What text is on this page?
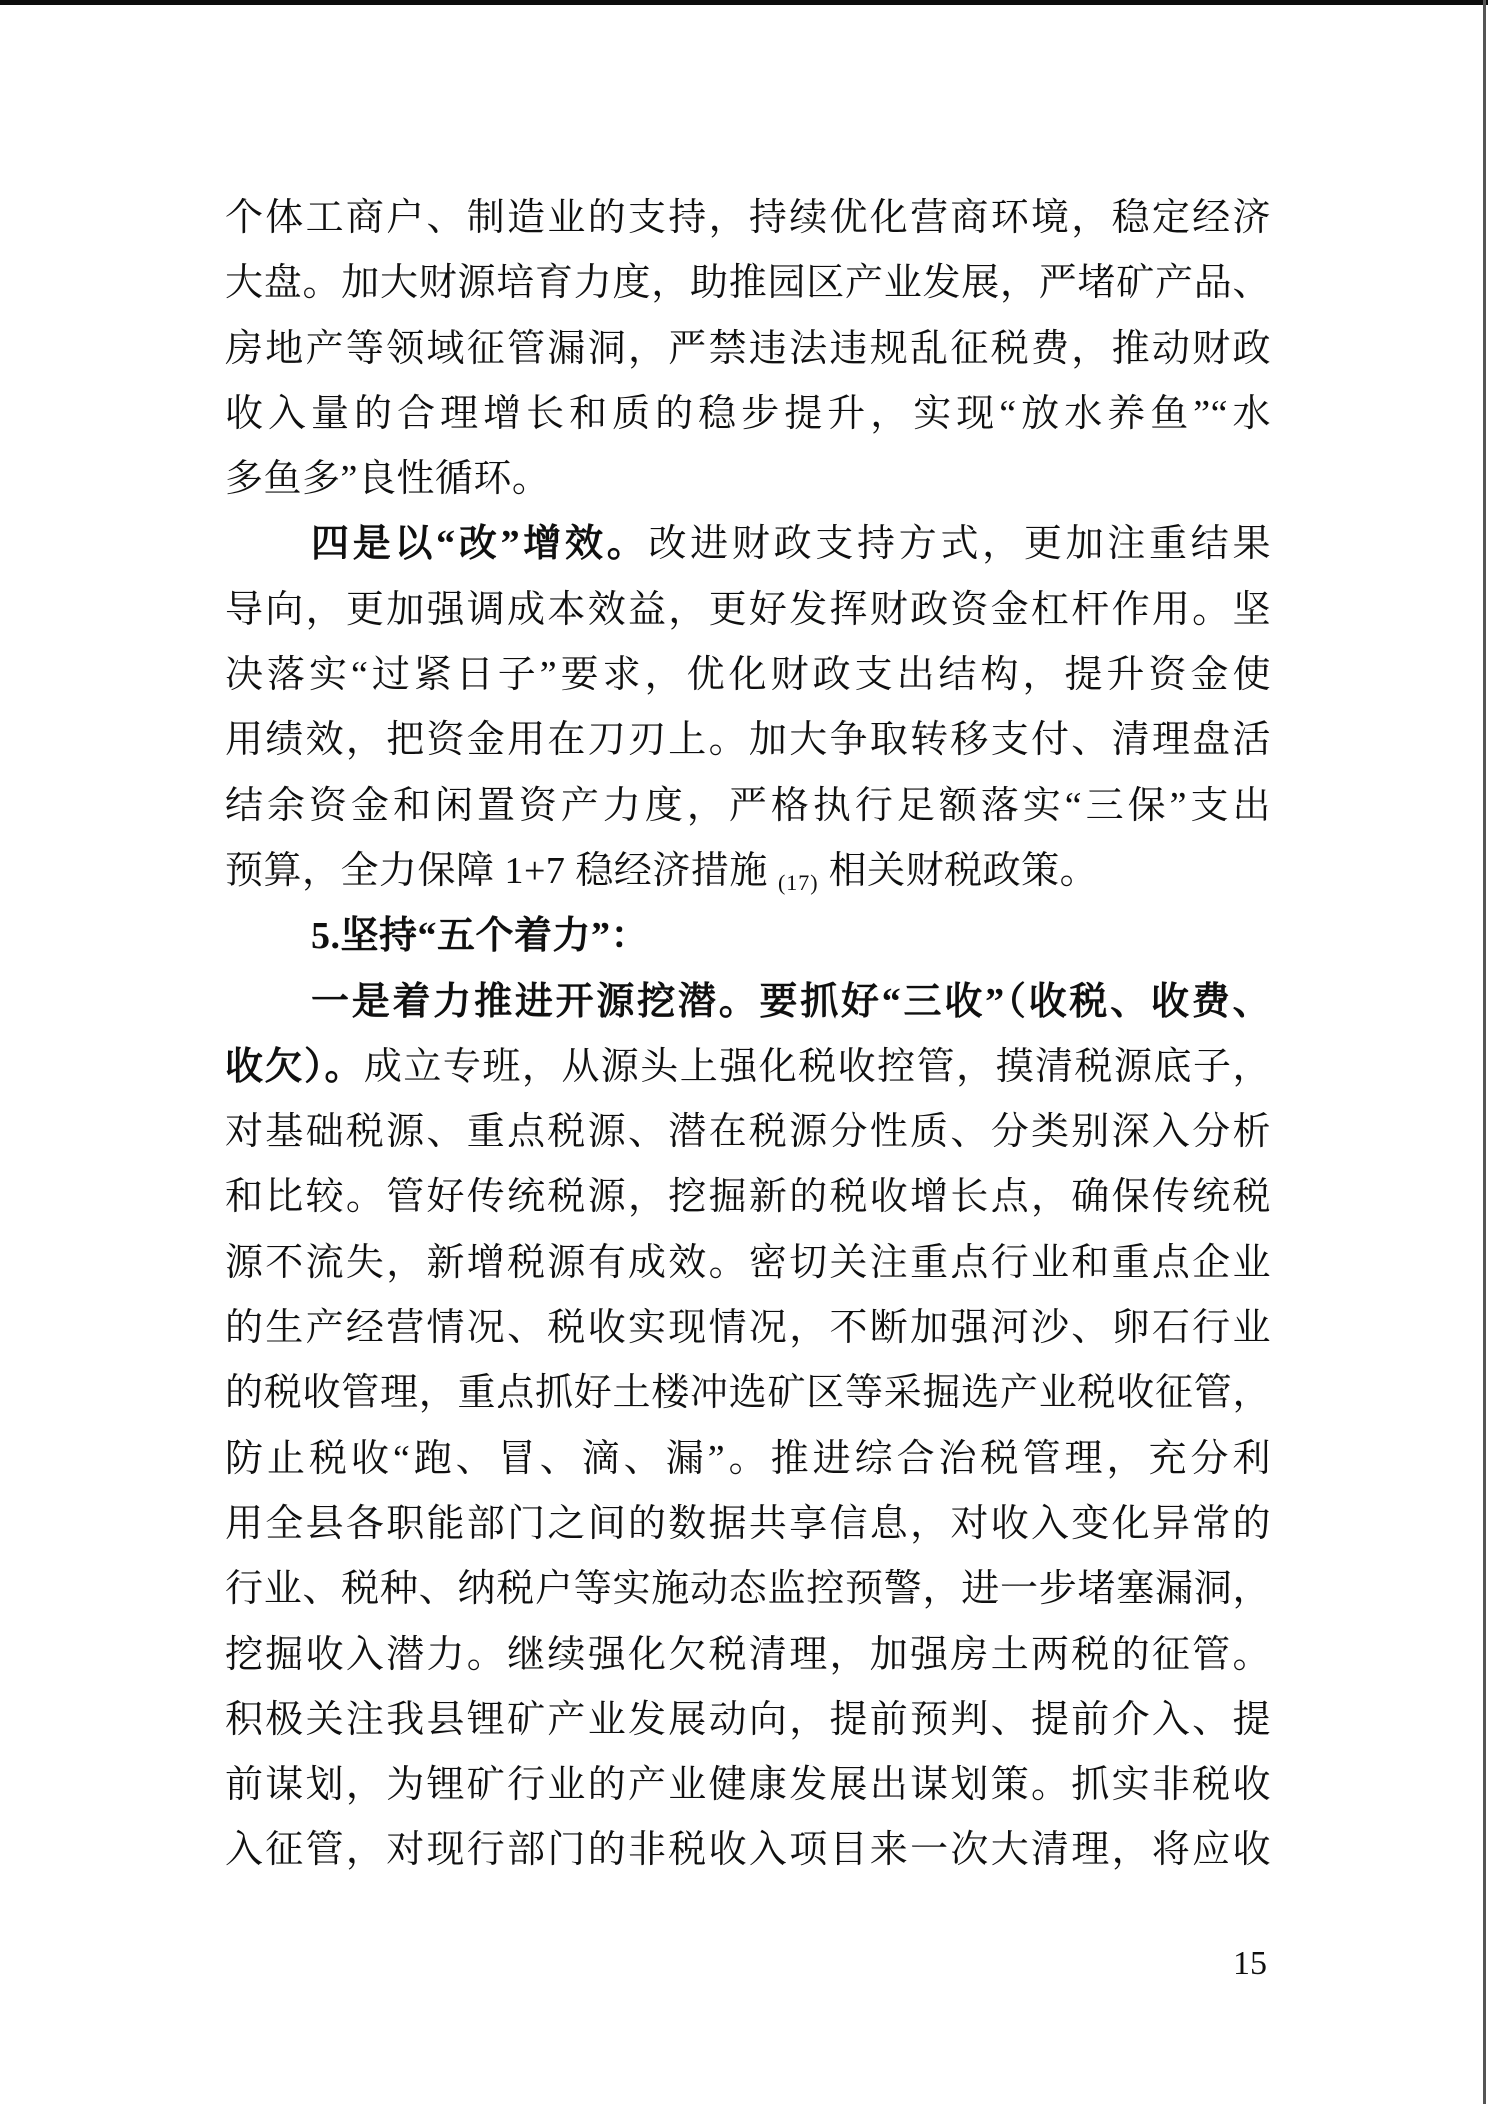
个体工商户、制造业的支持，持续优化营商环境，稳定经济
大盘。加大财源培育力度，助推园区产业发展，严堵矿产品、
房地产等领域征管漏洞，严禁违法违规乱征税费，推动财政
收入量的合理增长和质的稳步提升，实现“放水养鱼”“水
多鱼多”良性循环。
四是以“改”增效。改进财政支持方式，更加注重结果
导向，更加强调成本效益，更好发挥财政资金杠杆作用。坚
决落实“过紧日子”要求，优化财政支出结构，提升资金使
用绩效，把资金用在刀刃上。加大争取转移支付、清理盘活
结余资金和闲置资产力度，严格执行足额落实“三保”支出
预算，全力保障 1+7 稳经济措施 (17) 相关财税政策。
5.坚持“五个着力”：
一是着力推进开源挖潜。要抓好“三收”（收税、收费、
收欠）。成立专班，从源头上强化税收控管，摸清税源底子，
对基础税源、重点税源、潜在税源分性质、分类别深入分析
和比较。管好传统税源，挖掘新的税收增长点，确保传统税
源不流失，新增税源有成效。密切关注重点行业和重点企业
的生产经营情况、税收实现情况，不断加强河沙、卵石行业
的税收管理，重点抓好土楼冲选矿区等采掘选产业税收征管，
防止税收“跑、冒、滴、漏”。推进综合治税管理，充分利
用全县各职能部门之间的数据共享信息，对收入变化异常的
行业、税种、纳税户等实施动态监控预警，进一步堵塞漏洞，
挖掘收入潜力。继续强化欠税清理，加强房土两税的征管。
积极关注我县锂矿产业发展动向，提前预判、提前介入、提
前谋划，为锂矿行业的产业健康发展出谋划策。抓实非税收
入征管，对现行部门的非税收入项目来一次大清理，将应收
15
